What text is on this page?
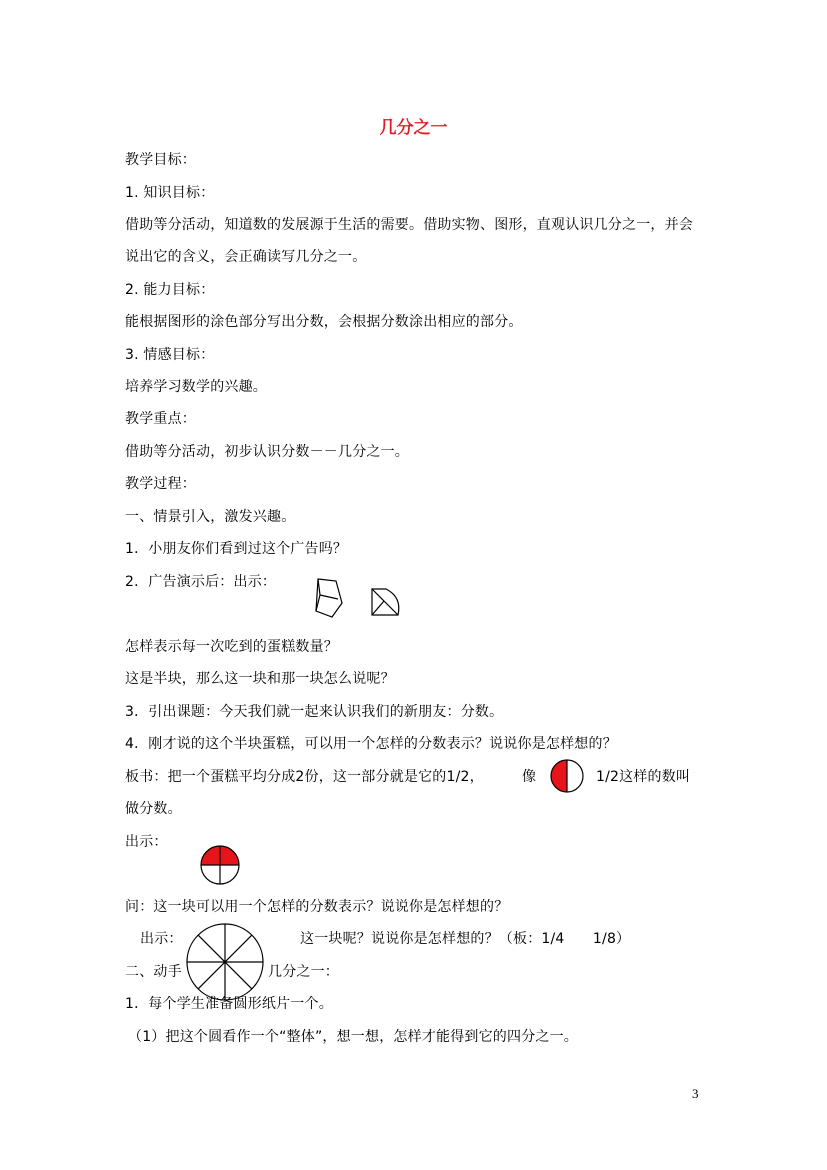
几分之一
教学目标：
1. 知识目标：
借助等分活动，知道数的发展源于生活的需要。借助实物、图形，直观认识几分之一，并会
说出它的含义，会正确读写几分之一。
2. 能力目标：
能根据图形的涂色部分写出分数，会根据分数涂出相应的部分。
3. 情感目标：
培养学习数学的兴趣。
教学重点：
借助等分活动，初步认识分数－－几分之一。
教学过程：
一、情景引入，激发兴趣。
1．小朋友你们看到过这个广告吗？
2．广告演示后：出示：
怎样表示每一次吃到的蛋糕数量？
这是半块，那么这一块和那一块怎么说呢？
3．引出课题：今天我们就一起来认识我们的新朋友：分数。
4．刚才说的这个半块蛋糕，可以用一个怎样的分数表示？说说你是怎样想的？
板书：把一个蛋糕平均分成2份，这一部分就是它的1/2，	像	1/2这样的数叫
做分数。
出示：
问：这一块可以用一个怎样的分数表示？说说你是怎样想的？
出示：	这一块呢？说说你是怎样想的？（板：1/4　　1/8）
二、动手	几分之一：
1．每个学生准备圆形纸片一个。
（1）把这个圆看作一个“整体”，想一想，怎样才能得到它的四分之一。
3
